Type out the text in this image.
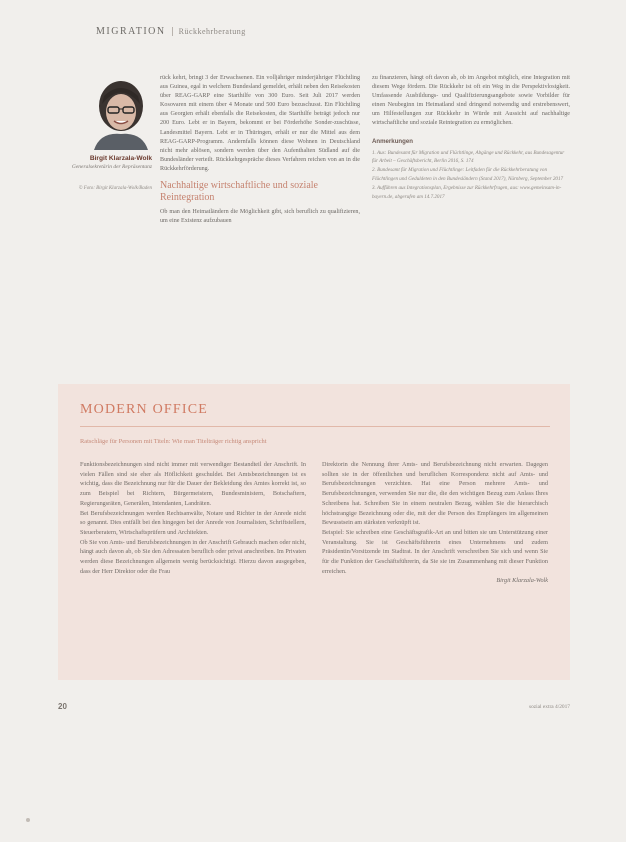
MIGRATION Rückkehrberatung
Birgit Klarzala-Wolk
Generalsekretärin der Repräsentanz
© Foto: Birgit Klarzala-Wolk/Baden

rück kehrt, bringt 3 der Erwachsenen. Ein volljähriger minderjähriger Flüchtling aus Guinea, egal in welchem Bundesland gemeldet, erhält neben den Reisekosten über REAG-GARP eine Starthilfe von 300 Euro. Seit Juli 2017 werden Kosovaren mit einem über 4 Monate und 500 Euro bezuschusst. Ein Flüchtling aus Georgien erhält ebenfalls die Reisekosten, die Starthilfe beträgt jedoch nur 200 Euro. Lebt er in Bayern, bekommt er bei Förderhöhe Sonder-zuschüsse, Landesmittel Bayern. Lebt er in Thüringen, erhält er nur die Mittel aus dem REAG-GARP-Programm. Andernfalls können diese Wohnen in Deutschland nicht mehr ablösen, sondern werden über den Aufenthalten Südland auf die Bundesländer verteilt. Rückkehrgespräche dieses Verfahren reichen von an in die Rückkehrförderung.

Nachhaltige wirtschaftliche und soziale Reintegration

Ob man den Heimatländern die Möglichkeit gibt, sich beruflich zu qualifizieren, um eine Existenz aufzubauen

zu finanzieren, hängt oft davon ab, ob im Angebot möglich, eine Integration mit diesem Wege fördern. Die Rückkehr ist oft ein Weg in die Perspektivlosigkeit. Umfassende Ausbildungs- und Qualifizierungsangebote sowie Vorbilder für einen Neubeginn im Heimatland sind dringend notwendig und erstrebenswert, um Hilfestellungen zur Rückkehr in Würde mit Aussicht auf nachhaltige wirtschaftliche und soziale Reintegration zu ermöglichen.

Anmerkungen
1. Aus: Bundesamt für Migration und Flüchtlinge, Abgänge und Rückkehr, aus Bundesagentur für Arbeit – Geschäftsbericht, Berlin 2016, S. 174
2. Bundesamt für Migration und Flüchtlinge: Leitfaden für die Rückkehrberatung von Flüchtlingen und Geduldeten in den Bundesländern (Stand 2017), Nürnberg, September 2017
3. Aufführen aus Integrationsplan, Ergebnisse zur Rückkehrfragen, aus: www.gemeinsam-in-bayern.de, abgerufen am 14.7.2017
MODERN OFFICE
Ratschläge für Personen mit Titeln: Wie man Titelträger richtig anspricht
Funktionsbezeichnungen sind nicht immer mit verwendiger Bestandteil der Anschrift. In vielen Fällen sind sie eher als Höflichkeit geschuldet. Bei Amtsbezeichnungen ist es wichtig, dass die Bezeichnung nur für die Dauer der Bekleidung des Amtes korrekt ist, so zum Beispiel bei Richtern, Bürgermeistern, Bundesministern, Botschaftern, Regierungsräten, Generälen, Intendanten, Landräten.
Bei Berufsbezeichnungen werden Rechtsanwälte, Notare und Richter in der Anrede nicht so genannt. Dies entfällt bei den hingegen bei der Anrede von Journalisten, Schriftstellern, Steuerberatern, Wirtschaftsprüfern und Architekten.
Ob Sie von Amts- und Berufsbezeichnungen in der Anschrift Gebrauch machen oder nicht, hängt auch davon ab, ob Sie den Adressaten beruflich oder privat anschreiben. Im Privaten werden diese Bezeichnungen allgemein wenig berücksichtigt. Hierzu davon ausgegeben, dass der Herr Direktor oder die Frau
Direktorin die Nennung ihrer Amts- und Berufsbezeichnung nicht erwarten. Dagegen sollten sie in der öffentlichen und beruflichen Korrespondenz nicht auf Amts- und Berufsbezeichnungen verzichten. Hat eine Person mehrere Amts- und Berufsbezeichnungen, verwenden Sie nur die, die den wichtigen Bezug zum Anlass Ihres Schreibens hat. Schreiben Sie in einem neutralen Bezug, wählen Sie die hierarchisch höchstrangige Bezeichnung oder die, mit der die Person des Empfängers im allgemeinen Bewusstsein am stärksten verknüpft ist.
Beispiel: Sie schreiben eine Geschäftsgrafik-Art an und bitten sie um Unterstützung einer Veranstaltung. Sie ist Geschäftsführerin eines Unternehmens und zudem Präsidentin/Vorsitzende im Stadtrat. In der Anschrift verschreiben Sie sich und wenn Sie für die Funktion der Geschäftsführerin, da Sie sie im Zusammenhang mit dieser Funktion erreichen.
Birgit Klarzala-Wolk
20	sozial extra 4/2017
